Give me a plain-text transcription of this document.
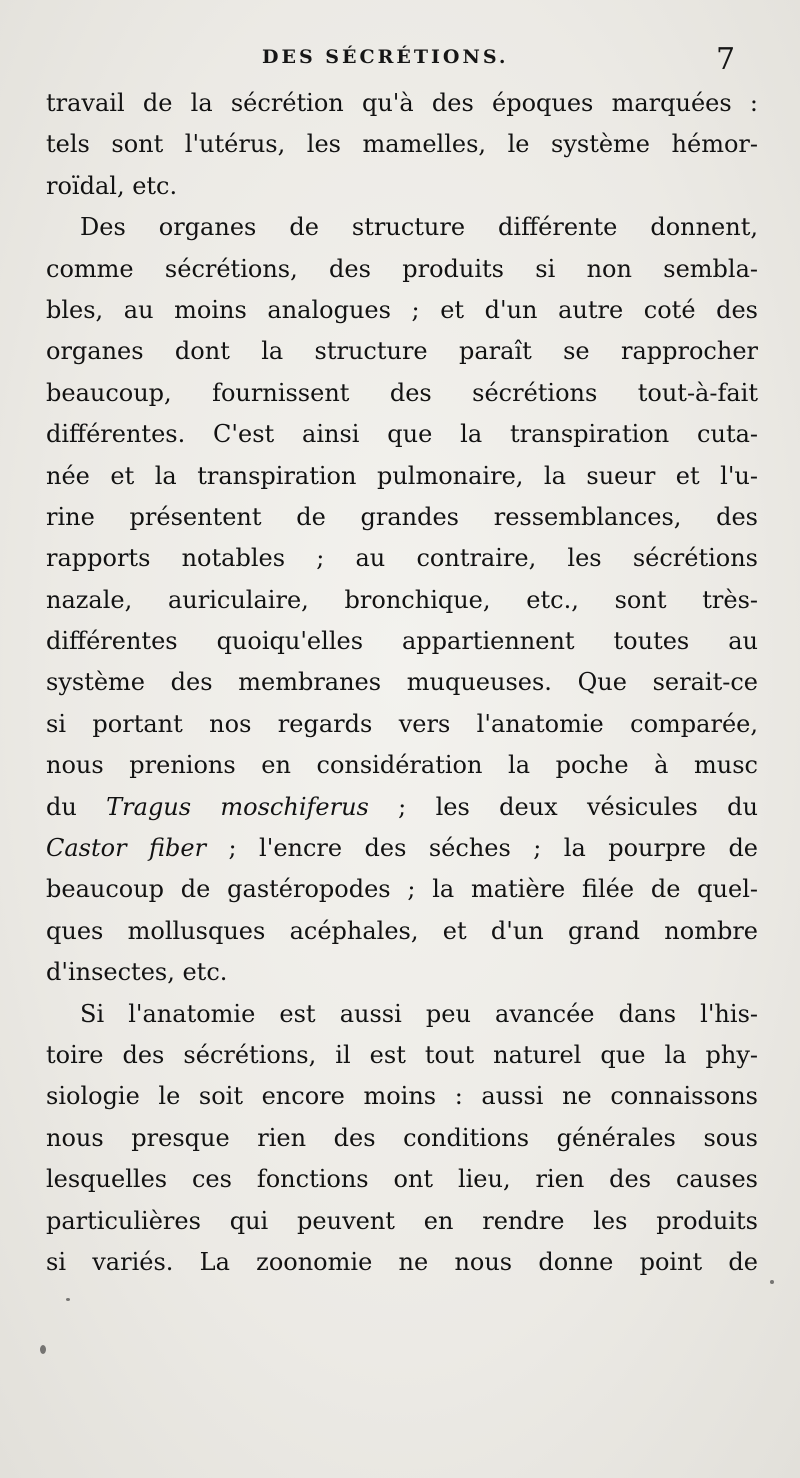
DES SÉCRÉTIONS.	7
travail de la sécrétion qu'à des époques marquées :
tels sont l'utérus, les mamelles, le système hémor-
roïdal, etc.
Des organes de structure différente donnent,
comme sécrétions, des produits si non sembla-
bles, au moins analogues ; et d'un autre coté des
organes dont la structure paraît se rapprocher
beaucoup, fournissent des sécrétions tout-à-fait
différentes. C'est ainsi que la transpiration cuta-
née et la transpiration pulmonaire, la sueur et l'u-
rine présentent de grandes ressemblances, des
rapports notables ; au contraire, les sécrétions
nazale, auriculaire, bronchique, etc., sont très-
différentes quoiqu'elles appartiennent toutes au
système des membranes muqueuses. Que serait-ce
si portant nos regards vers l'anatomie comparée,
nous prenions en considération la poche à musc
du Tragus moschiferus ; les deux vésicules du
Castor fiber ; l'encre des séches ; la pourpre de
beaucoup de gastéropodes ; la matière filée de quel-
ques mollusques acéphales, et d'un grand nombre
d'insectes, etc.
Si l'anatomie est aussi peu avancée dans l'his-
toire des sécrétions, il est tout naturel que la phy-
siologie le soit encore moins : aussi ne connaissons
nous presque rien des conditions générales sous
lesquelles ces fonctions ont lieu, rien des causes
particulières qui peuvent en rendre les produits
si variés. La zoonomie ne nous donne point de
